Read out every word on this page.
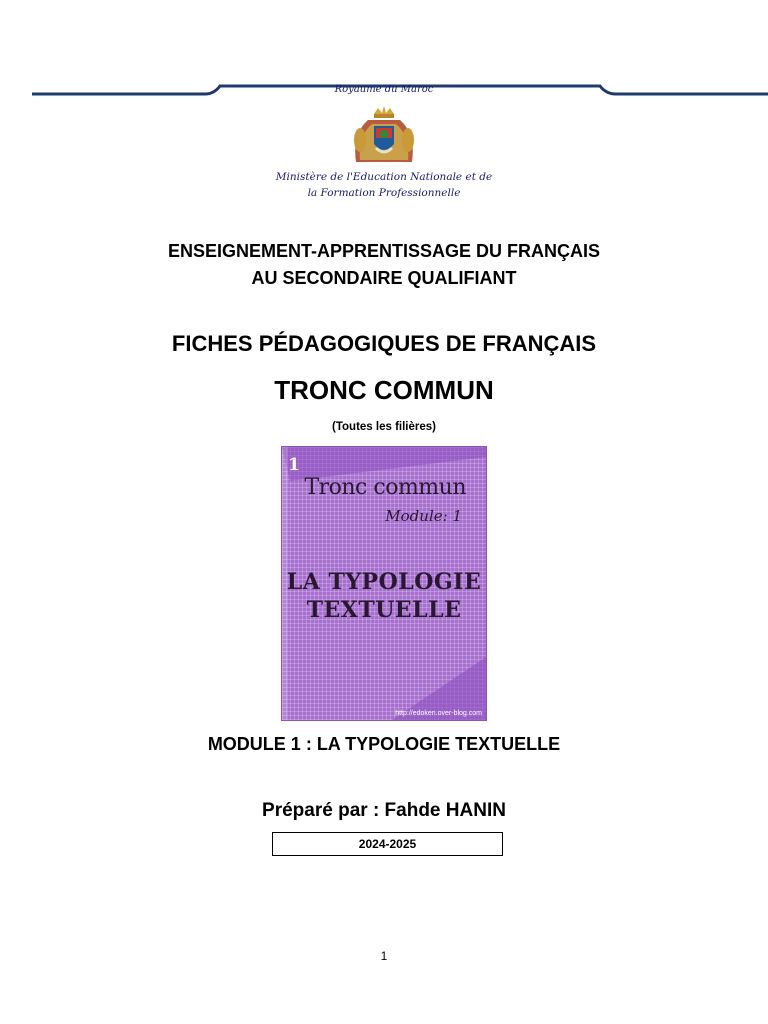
Royaume du Maroc
Ministère de l'Education Nationale et de
la Formation Professionnelle
ENSEIGNEMENT-APPRENTISSAGE DU FRANÇAIS
AU SECONDAIRE QUALIFIANT
FICHES PÉDAGOGIQUES DE FRANÇAIS
TRONC COMMUN
(Toutes les filières)
1
Tronc commun
Module: 1
LA TYPOLOGIE
TEXTUELLE
http://edoken.over-blog.com
MODULE 1 : LA TYPOLOGIE TEXTUELLE
Préparé par : Fahde HANIN
2024-2025
1
